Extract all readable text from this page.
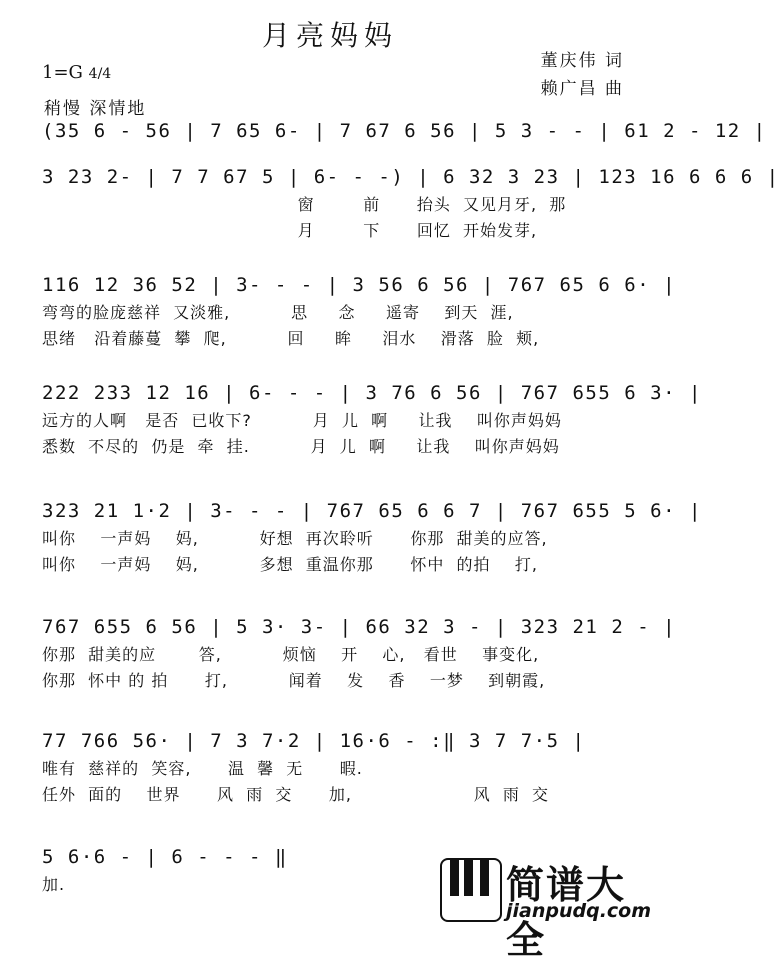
月亮妈妈
董庆伟 词
赖广昌 曲
1=G 4/4
稍慢 深情地
(35 6 - 56 | 7 65 6- | 7 67 6 56 | 5 3 - - | 61 2 - 12 |
3 23 2- | 7 7 67 5 | 6- - -) | 6 32 3 23 | 123 16 6 6 6 |
窗        前      抬头  又见月牙,  那
月        下      回忆  开始发芽,
116 12 36 52 | 3- - - | 3 56 6 56 | 767 65 6 6· |
弯弯的脸庞慈祥  又淡雅,          思     念     遥寄    到天  涯,
思绪   沿着藤蔓  攀  爬,          回     眸     泪水    滑落  脸  颊,
222 233 12 16 | 6- - - | 3 76 6 56 | 767 655 6 3· |
远方的人啊   是否  已收下?          月  儿  啊     让我    叫你声妈妈
悉数  不尽的  仍是  牵  挂.          月  儿  啊     让我    叫你声妈妈
323 21 1·2 | 3- - - | 767 65 6 6 7 | 767 655 5 6· |
叫你    一声妈    妈,          好想  再次聆听      你那  甜美的应答,
叫你    一声妈    妈,          多想  重温你那      怀中  的拍    打,
767 655 6 56 | 5 3· 3- | 66 32 3 - | 323 21 2 - |
你那  甜美的应       答,          烦恼    开    心,   看世    事变化,
你那  怀中 的 拍      打,          闻着    发    香    一梦    到朝霞,
77 766 56· | 7 3 7·2 | 16·6 - :‖ 3 7 7·5 |
唯有  慈祥的  笑容,      温  馨  无      暇.
任外  面的    世界      风  雨  交      加,                    风  雨  交
5 6·6 - | 6 - - - ‖
加.	简谱大全
jianpudq.com
